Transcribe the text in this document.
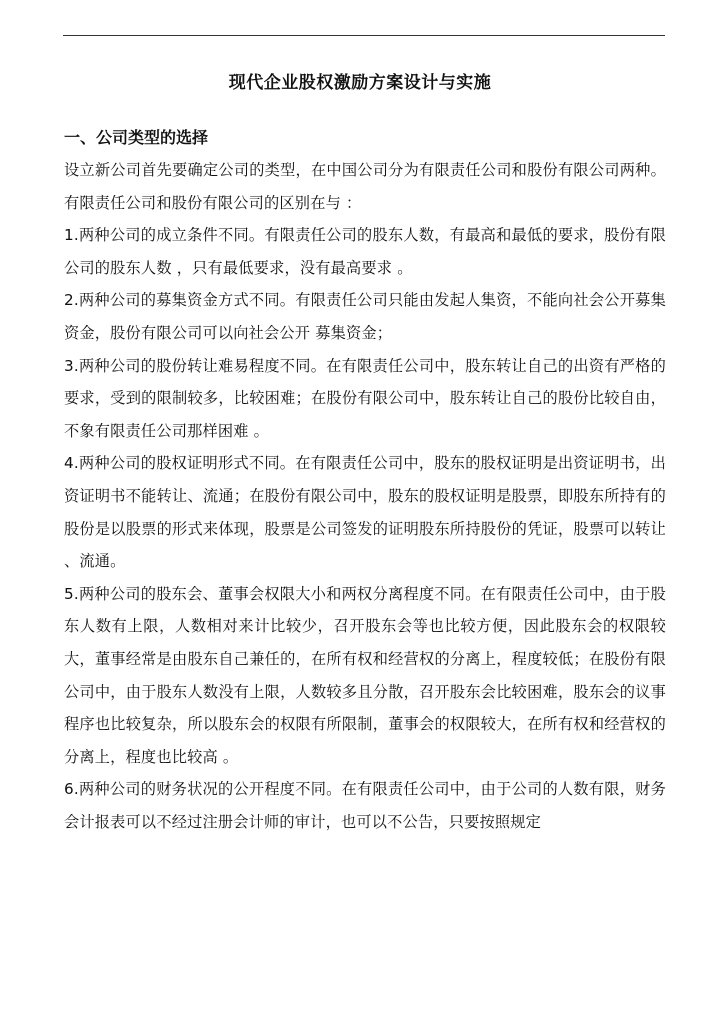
现代企业股权激励方案设计与实施
一、公司类型的选择

设立新公司首先要确定公司的类型，在中国公司分为有限责任公司和股份有限公司两种。有限责任公司和股份有限公司的区别在与 ：

1.两种公司的成立条件不同。有限责任公司的股东人数，有最高和最低的要求，股份有限公司的股东人数 ，只有最低要求，没有最高要求 。

2.两种公司的募集资金方式不同。有限责任公司只能由发起人集资，不能向社会公开募集资金，股份有限公司可以向社会公开 募集资金；

3.两种公司的股份转让难易程度不同。在有限责任公司中，股东转让自己的出资有严格的要求，受到的限制较多，比较困难；在股份有限公司中，股东转让自己的股份比较自由，不象有限责任公司那样困难 。

4.两种公司的股权证明形式不同。在有限责任公司中，股东的股权证明是出资证明书，出资证明书不能转让、流通；在股份有限公司中，股东的股权证明是股票，即股东所持有的股份是以股票的形式来体现，股票是公司签发的证明股东所持股份的凭证，股票可以转让 、流通。

5.两种公司的股东会、董事会权限大小和两权分离程度不同。在有限责任公司中，由于股东人数有上限，人数相对来计比较少，召开股东会等也比较方便，因此股东会的权限较大，董事经常是由股东自己兼任的，在所有权和经营权的分离上，程度较低；在股份有限公司中，由于股东人数没有上限，人数较多且分散，召开股东会比较困难，股东会的议事程序也比较复杂，所以股东会的权限有所限制，董事会的权限较大，在所有权和经营权的分离上，程度也比较高 。

6.两种公司的财务状况的公开程度不同。在有限责任公司中，由于公司的人数有限，财务会计报表可以不经过注册会计师的审计，也可以不公告，只要按照规定
